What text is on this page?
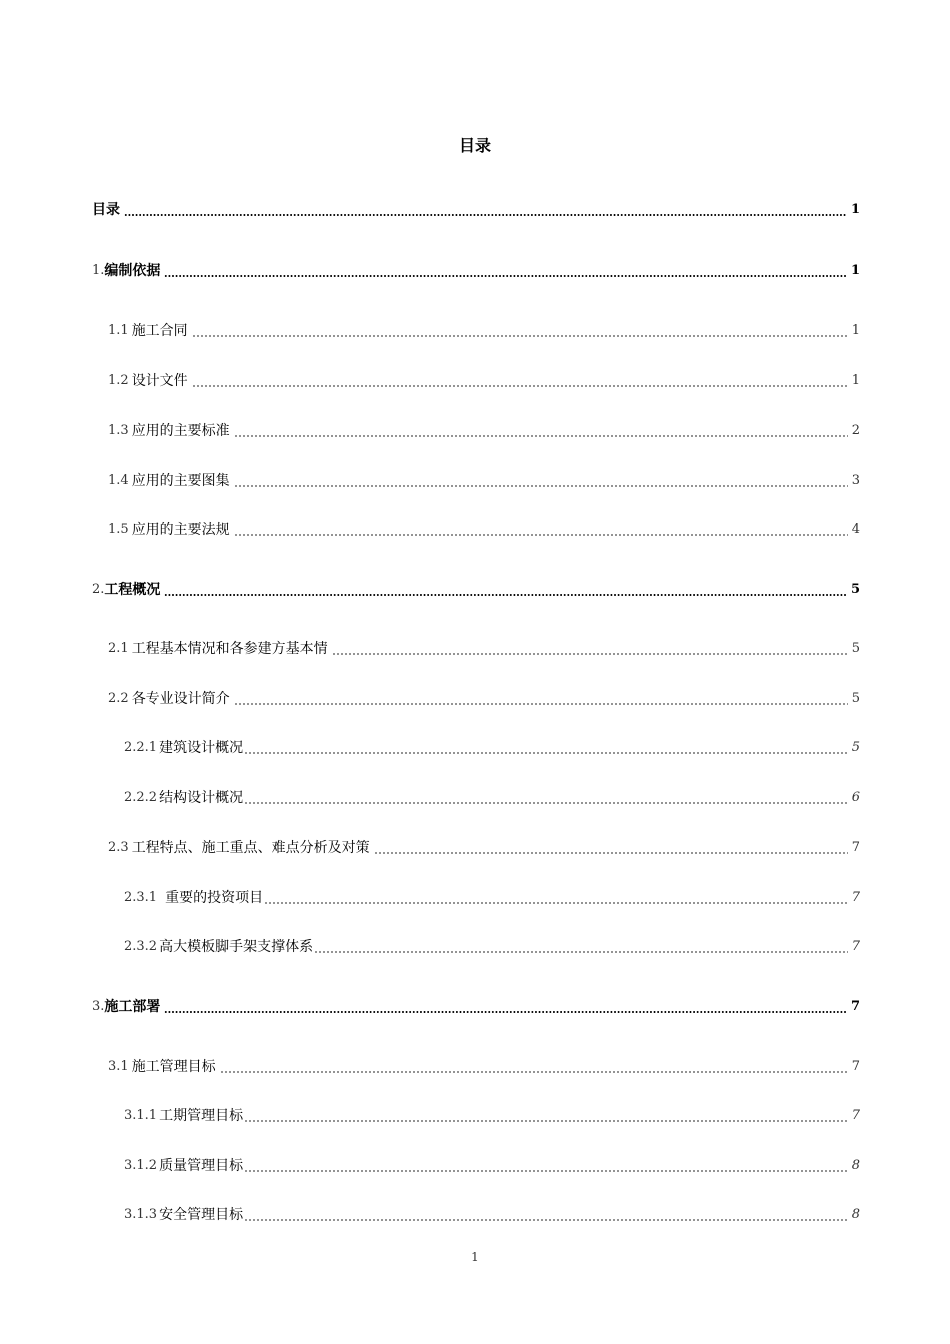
目录
目录	1
1. 编制依据	1
1.1 施工合同	1
1.2 设计文件	1
1.3 应用的主要标准	2
1.4 应用的主要图集	3
1.5 应用的主要法规	4
2. 工程概况	5
2.1 工程基本情况和各参建方基本情	5
2.2 各专业设计简介	5
2.2.1 建筑设计概况	5
2.2.2 结构设计概况	6
2.3 工程特点、施工重点、难点分析及对策	7
2.3.1 重要的投资项目	7
2.3.2 高大模板脚手架支撑体系	7
3. 施工部署	7
3.1 施工管理目标	7
3.1.1 工期管理目标	7
3.1.2 质量管理目标	8
3.1.3 安全管理目标	8
1
